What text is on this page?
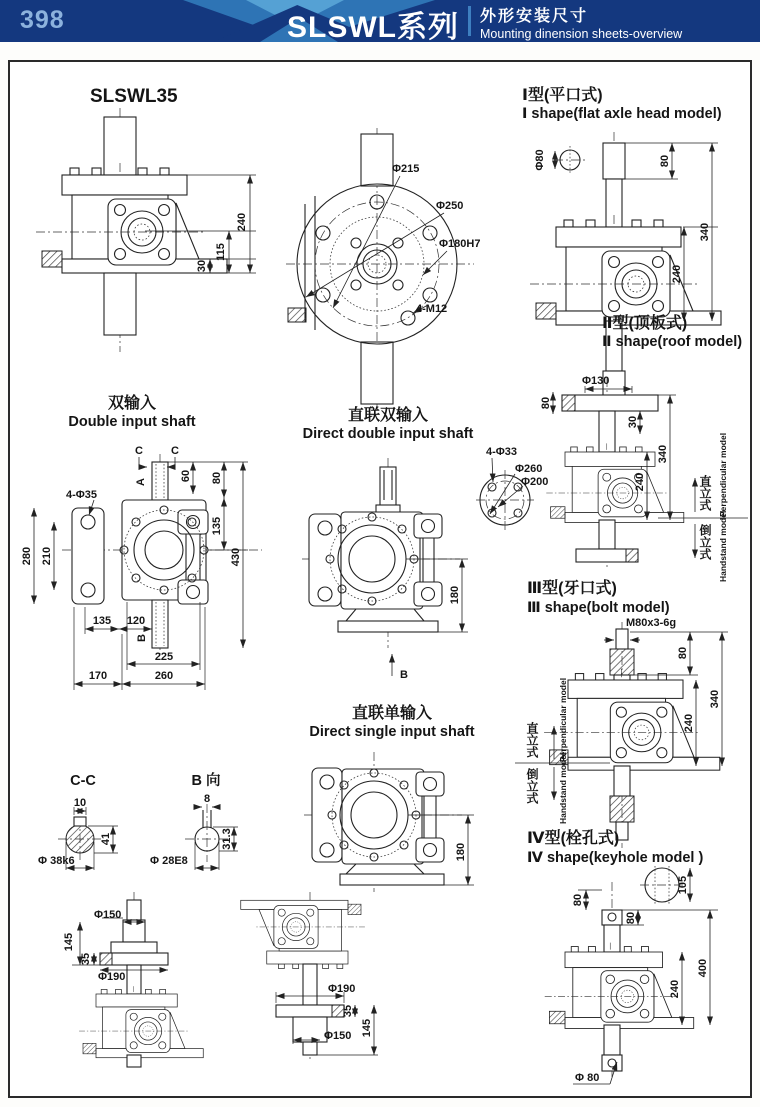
398	SLSWL系列 外形安装尺寸
Mounting dinension sheets-overview
SLSWL35
30
115
240
Φ215
Φ250
Φ180H7
4-M12
Ⅰ型(平口式)
Ⅰ shape(flat axle head model)
Φ80	80
340
240
Ⅱ型(顶板式)
Ⅱ shape(roof model)
Φ130
80
30
340
240	直立式 Perpendicular model
倒立式 Handstand model
双输入
Double input shaft
C	C
A
4-Φ35
280 210
60 80
135
430
B
135 120
225
170	260
直联双输入
Direct double input shaft
180
B
4-Φ33
Φ260
Φ200
Ⅲ型(牙口式)
Ⅲ shape(bolt model)
M80x3-6g
80
340
240
直立式 Perpendicular model
倒立式 Handstand model
直联单输入
Direct single input shaft
180
C-C
10
41
Φ 38k6
B 向
8
31.3
Φ 28E8
Φ150
145
35
Φ190
Φ190
35
145
Φ150
Ⅳ型(栓孔式)
Ⅳ shape(keyhole model )
105
80
80
400
240
Φ 80
